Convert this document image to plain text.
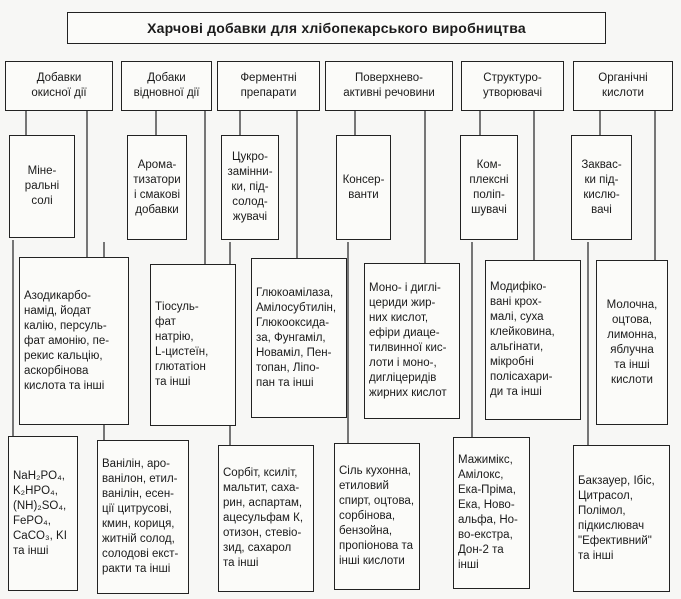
Харчові добавки для хлібопекарського виробництва
Добавки
окисної дії
Міне-
ральні
солі
Азодикарбо-
намід, йодат
калію, персуль-
фат амонію, пе-
рекис кальцію,
аскорбінова
кислота та інші
NaH₂PO₄,
K₂HPO₄,
(NH)₂SO₄,
FePO₄,
CaCO₃, KI
та інші
Добаки
відновної дії
Арома-
тизатори
і смакові
добавки
Тіосуль-
фат
натрію,
L-цистеїн,
глютатіон
та інші
Ванілін, аро-
ванілон, етил-
ванілін, есен-
ції цитрусові,
кмин, кориця,
житній солод,
солодові екст-
ракти та інші
Ферментні
препарати
Цукро-
замінни-
ки, під-
солод-
жувачі
Глюкоамілаза,
Амілосубтилін,
Глюкооксида-
за, Фунгаміл,
Новаміл, Пен-
топан, Ліпо-
пан та інші
Сорбіт, ксиліт,
мальтит, саха-
рин, аспартам,
ацесульфам К,
отизон, стевіо-
зид, сахарол
та інші
Поверхнево-
активні речовини
Консер-
ванти
Моно- і диглі-
цериди жир-
них кислот,
ефіри диаце-
тилвинної кис-
лоти і моно-,
дигліцеридів
жирних кислот
Сіль кухонна,
етиловий
спирт, оцтова,
сорбінова,
бензойна,
пропіонова та
інші кислоти
Структуро-
утворювачі
Ком-
плексні
поліп-
шувачі
Модифіко-
вані крох-
малі, суха
клейковина,
альгінати,
мікробні
полісахари-
ди та інші
Мажимікс,
Амілокс,
Ека-Пріма,
Ека, Ново-
альфа, Но-
во-екстра,
Дон-2 та
інші
Органічні
кислоти
Заквас-
ки під-
кислю-
вачі
Молочна,
оцтова,
лимонна,
яблучна
та інші
кислоти
Бакзауер, Ібіс,
Цитрасол,
Полімол,
підкислювач
"Ефективний"
та інші
